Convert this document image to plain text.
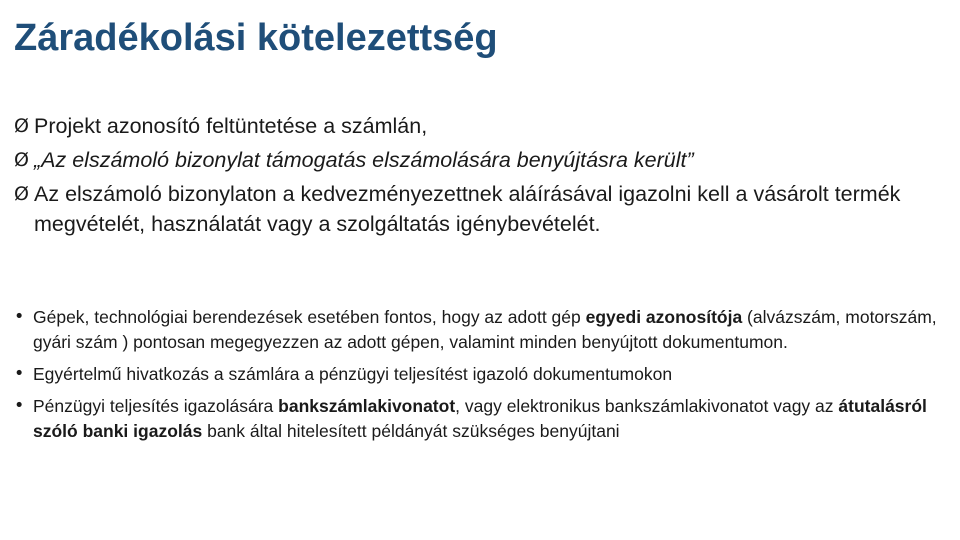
Záradékolási kötelezettség
Ø Projekt azonosító feltüntetése a számlán,
Ø „Az elszámoló bizonylat támogatás elszámolására benyújtásra került”
Ø Az elszámoló bizonylaton a kedvezményezettnek aláírásával igazolni kell a vásárolt termék megvételét, használatát vagy a szolgáltatás igénybevételét.
• Gépek, technológiai berendezések esetében fontos, hogy az adott gép egyedi azonosítója (alvázszám, motorszám, gyári szám ) pontosan megegyezzen az adott gépen, valamint minden benyújtott dokumentumon.
• Egyértelmű hivatkozás a számlára a pénzügyi teljesítést igazoló dokumentumokon
• Pénzügyi teljesítés igazolására bankszámlakivonatot, vagy elektronikus bankszámlakivonatot vagy az átutalásról szóló banki igazolás bank által hitelesített példányát szükséges benyújtani
